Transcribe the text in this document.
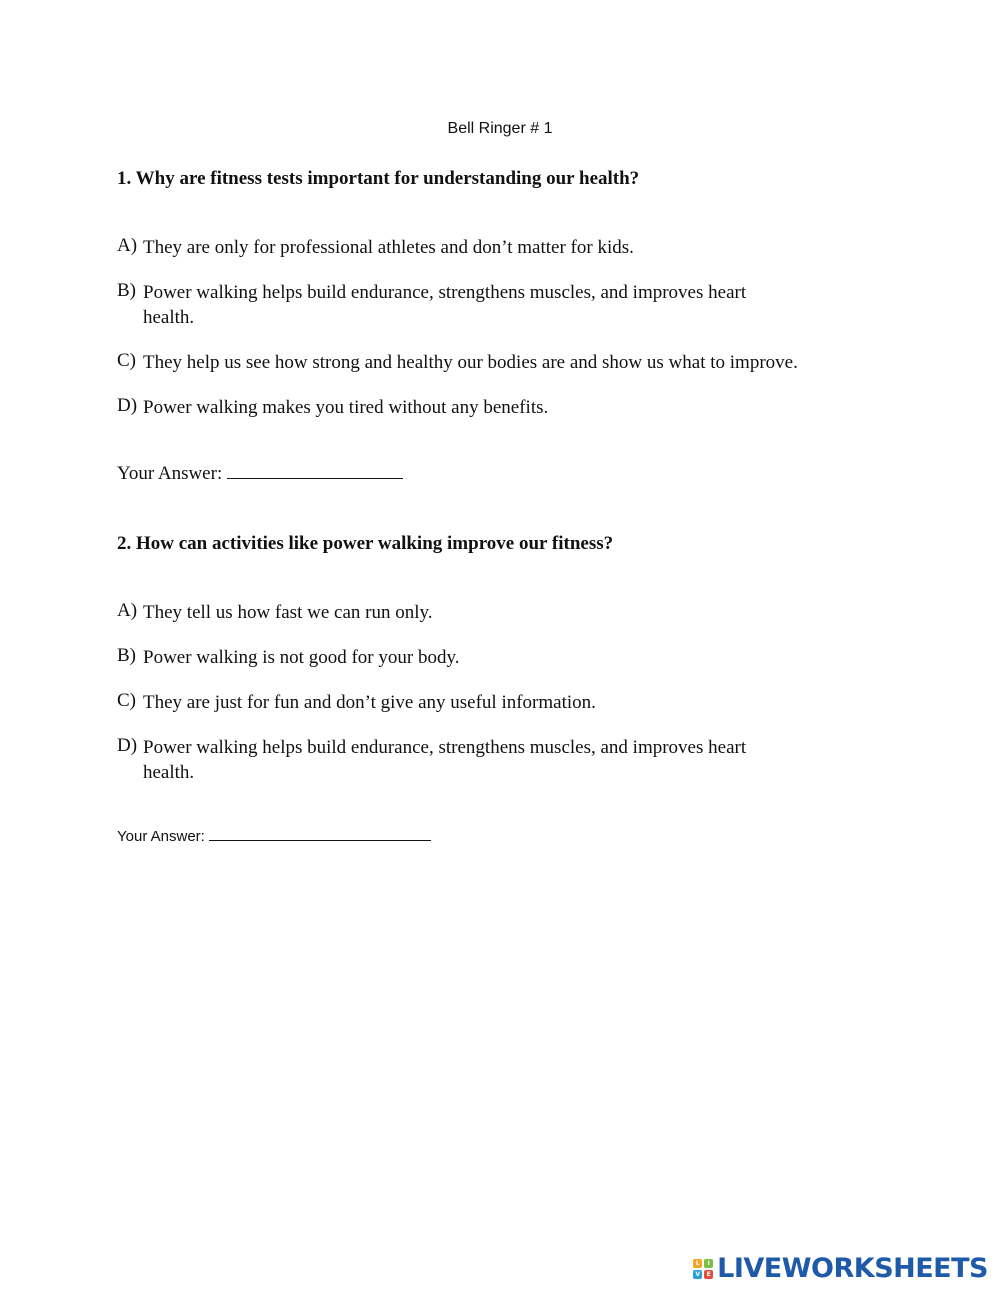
Bell Ringer # 1
1. Why are fitness tests important for understanding our health?
A) They are only for professional athletes and don’t matter for kids.
B) Power walking helps build endurance, strengthens muscles, and improves heart health.
C) They help us see how strong and healthy our bodies are and show us what to improve.
D) Power walking makes you tired without any benefits.
Your Answer:
2. How can activities like power walking improve our fitness?
A) They tell us how fast we can run only.
B) Power walking is not good for your body.
C) They are just for fun and don’t give any useful information.
D) Power walking helps build endurance, strengthens muscles, and improves heart health.
Your Answer:
L	I
V	E LIVEWORKSHEETS
